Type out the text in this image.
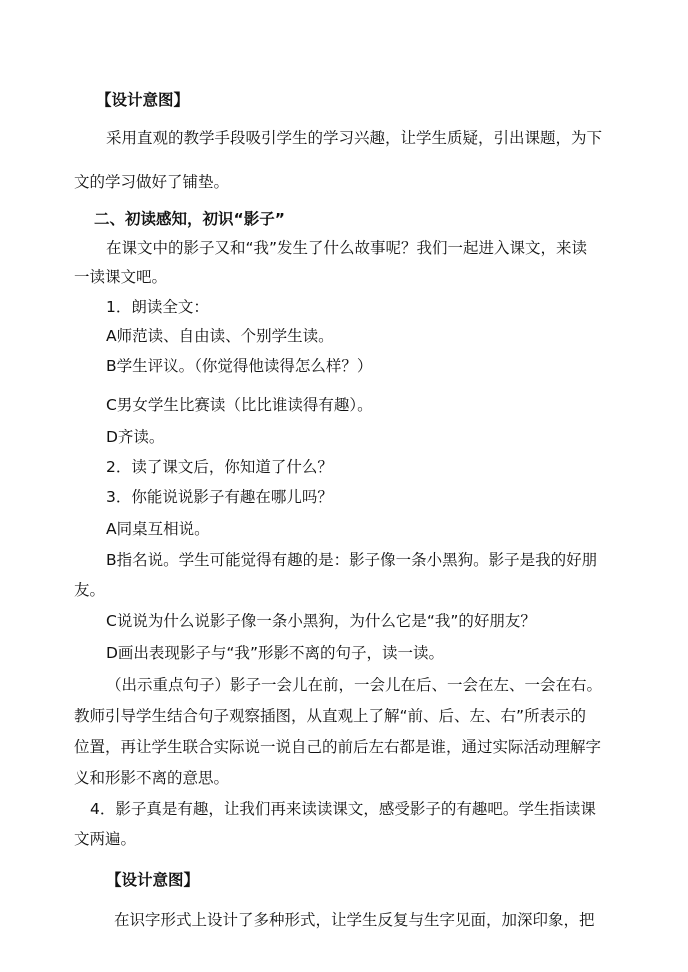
【设计意图】
采用直观的教学手段吸引学生的学习兴趣，让学生质疑，引出课题，为下
文的学习做好了铺垫。
二、初读感知，初识“影子”
在课文中的影子又和“我”发生了什么故事呢？我们一起进入课文，来读
一读课文吧。
1．朗读全文：
A师范读、自由读、个别学生读。
B学生评议。（你觉得他读得怎么样？）
C男女学生比赛读（比比谁读得有趣）。
D齐读。
2．读了课文后，你知道了什么？
3．你能说说影子有趣在哪儿吗？
A同桌互相说。
B指名说。学生可能觉得有趣的是：影子像一条小黑狗。影子是我的好朋
友。
C说说为什么说影子像一条小黑狗，为什么它是“我”的好朋友？
D画出表现影子与“我”形影不离的句子，读一读。
（出示重点句子）影子一会儿在前，一会儿在后、一会在左、一会在右。
教师引导学生结合句子观察插图，从直观上了解“前、后、左、右”所表示的
位置，再让学生联合实际说一说自己的前后左右都是谁，通过实际活动理解字
义和形影不离的意思。
4．影子真是有趣，让我们再来读读课文，感受影子的有趣吧。学生指读课
文两遍。
【设计意图】
在识字形式上设计了多种形式，让学生反复与生字见面，加深印象，把
